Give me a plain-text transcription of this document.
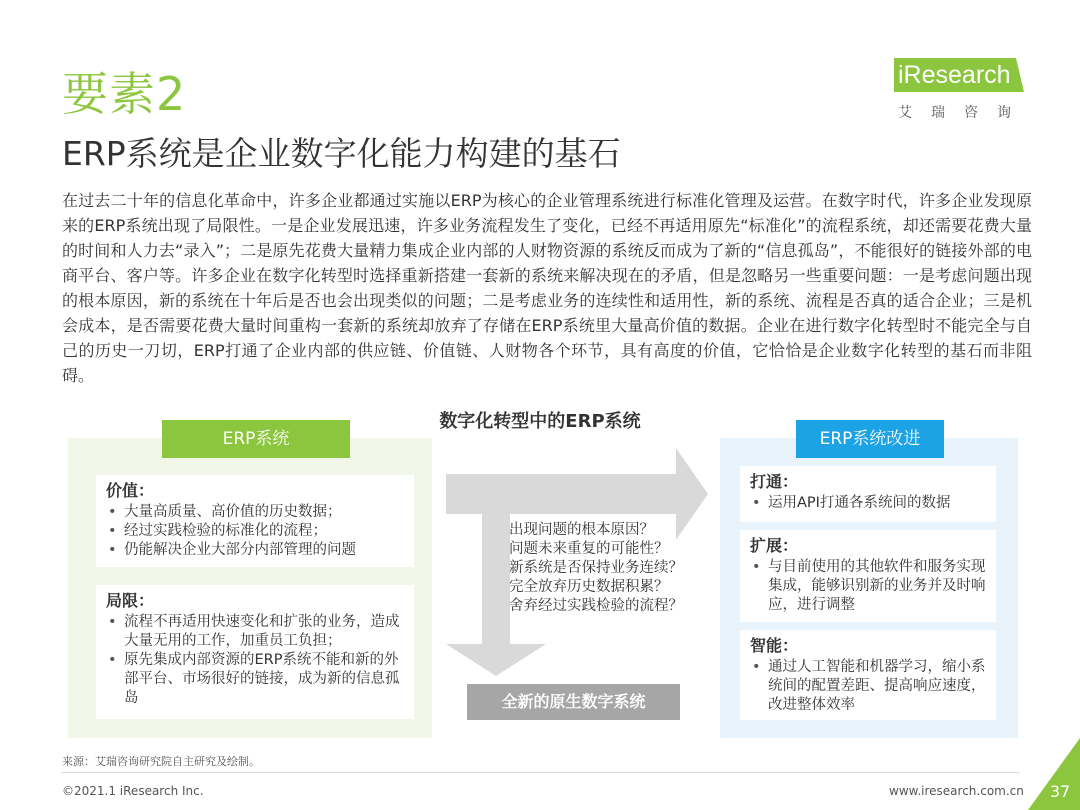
要素2
ERP系统是企业数字化能力构建的基石
iResearch
艾瑞咨询
在过去二十年的信息化革命中，许多企业都通过实施以ERP为核心的企业管理系统进行标准化管理及运营。在数字时代，许多企业发现原来的ERP系统出现了局限性。一是企业发展迅速，许多业务流程发生了变化，已经不再适用原先“标准化”的流程系统，却还需要花费大量的时间和人力去“录入”；二是原先花费大量精力集成企业内部的人财物资源的系统反而成为了新的“信息孤岛”，不能很好的链接外部的电商平台、客户等。许多企业在数字化转型时选择重新搭建一套新的系统来解决现在的矛盾，但是忽略另一些重要问题：一是考虑问题出现的根本原因，新的系统在十年后是否也会出现类似的问题；二是考虑业务的连续性和适用性，新的系统、流程是否真的适合企业；三是机会成本，是否需要花费大量时间重构一套新的系统却放弃了存储在ERP系统里大量高价值的数据。企业在进行数字化转型时不能完全与自己的历史一刀切，ERP打通了企业内部的供应链、价值链、人财物各个环节，具有高度的价值，它恰恰是企业数字化转型的基石而非阻碍。
数字化转型中的ERP系统
ERP系统	ERP系统改进
价值：
• 大量高质量、高价值的历史数据；
• 经过实践检验的标准化的流程；
• 仍能解决企业大部分内部管理的问题
局限：
• 流程不再适用快速变化和扩张的业务，造成大量无用的工作，加重员工负担；
• 原先集成内部资源的ERP系统不能和新的外部平台、市场很好的链接，成为新的信息孤岛
出现问题的根本原因？
问题未来重复的可能性？
新系统是否保持业务连续？
完全放弃历史数据积累？
舍弃经过实践检验的流程？
全新的原生数字系统
打通：
• 运用API打通各系统间的数据
扩展：
• 与目前使用的其他软件和服务实现集成，能够识别新的业务并及时响应，进行调整
智能：
• 通过人工智能和机器学习，缩小系统间的配置差距、提高响应速度，改进整体效率
来源：艾瑞咨询研究院自主研究及绘制。
©2021.1 iResearch Inc.	www.iresearch.com.cn	37
